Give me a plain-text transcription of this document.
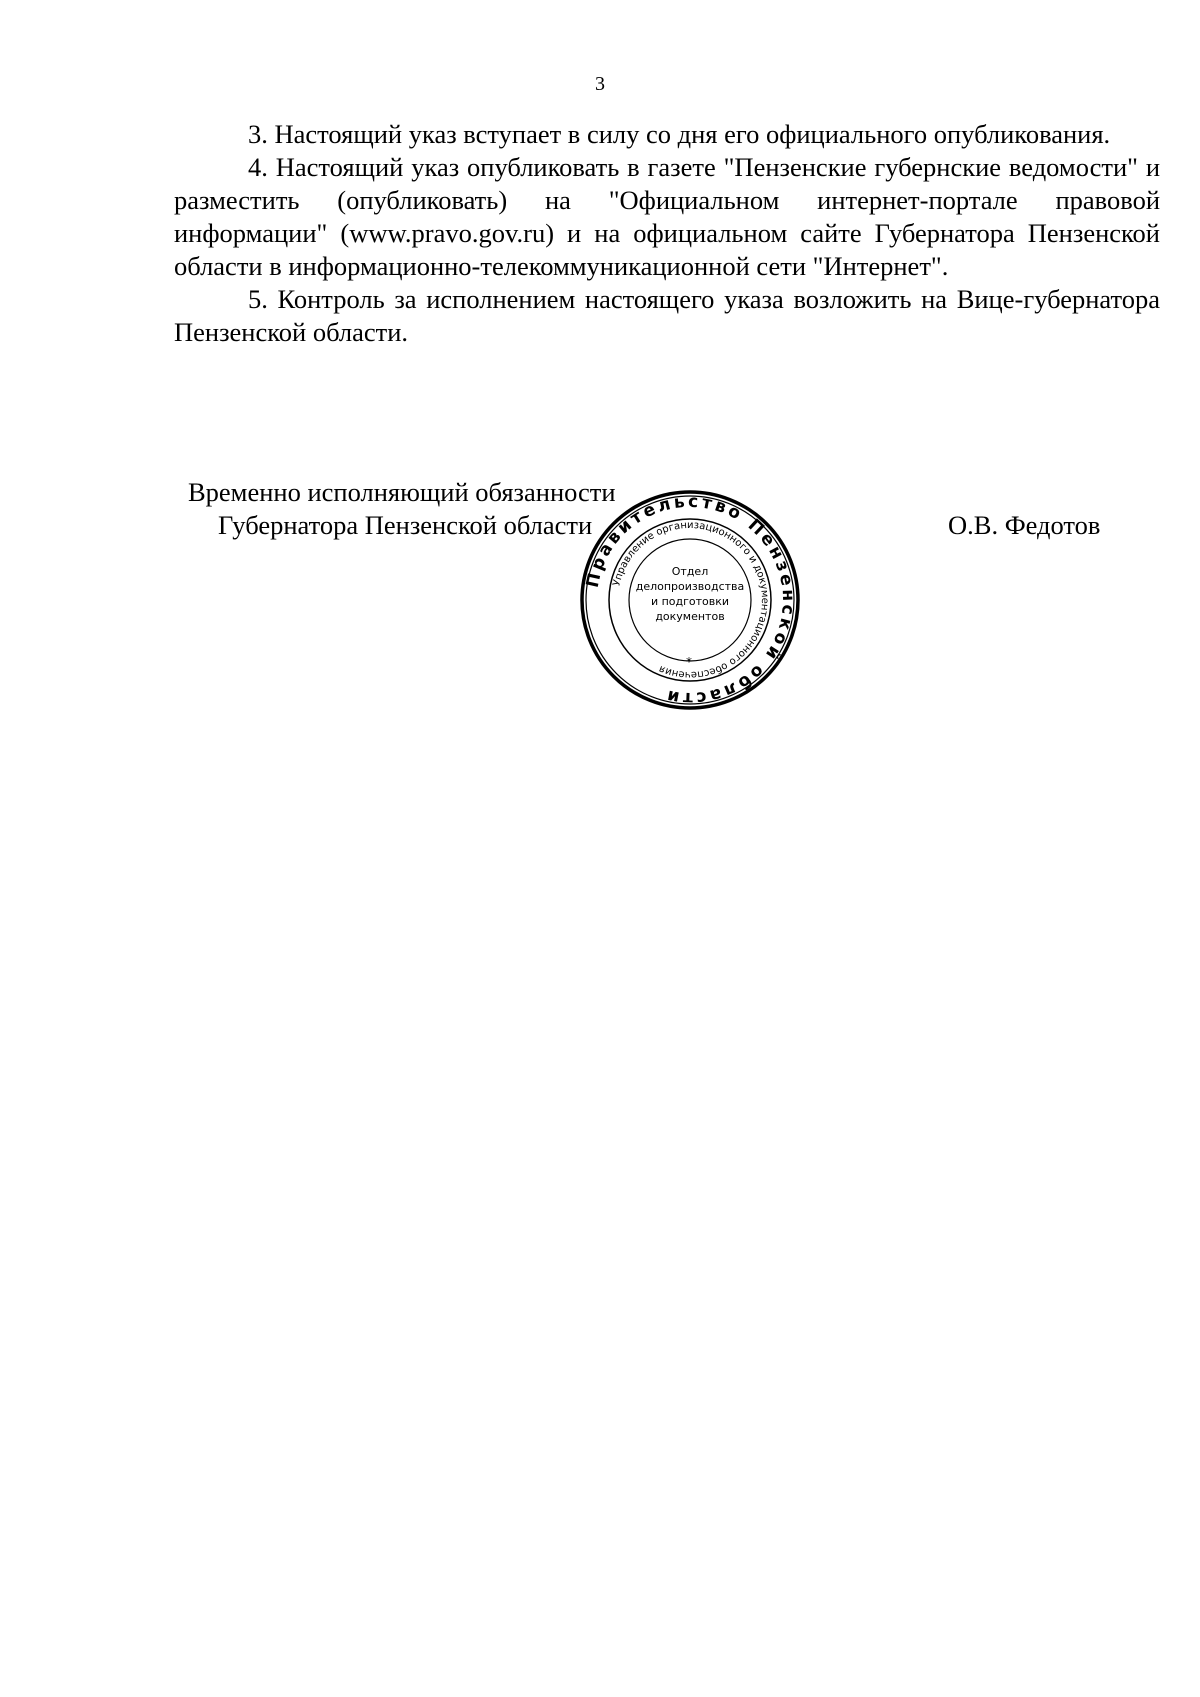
3

3. Настоящий указ вступает в силу со дня его официального опубликования.

4. Настоящий указ опубликовать в газете "Пензенские губернские ведомости" и разместить (опубликовать) на "Официальном интернет-портале правовой информации" (www.pravo.gov.ru) и на официальном сайте Губернатора Пензенской области в информационно-телекоммуникационной сети "Интернет".

5. Контроль за исполнением настоящего указа возложить на Вице-губернатора Пензенской области.

Временно исполняющий обязанности
Губернатора Пензенской области	О.В. Федотов
Правительство Пензенской области
Управление организационного и документационного обеспечения
*
Отдел
делопроизводства
и подготовки
документов
